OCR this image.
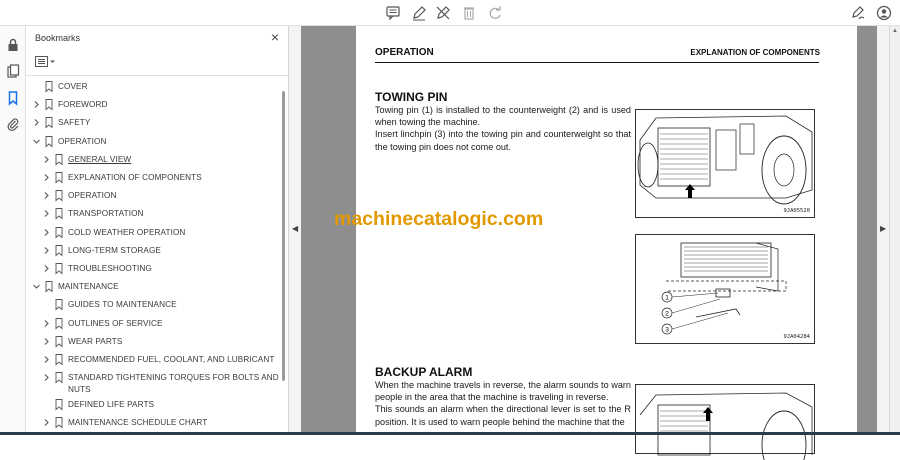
Bookmarks	×
COVER
FOREWORD
SAFETY
OPERATION
GENERAL VIEW
EXPLANATION OF COMPONENTS
OPERATION
TRANSPORTATION
COLD WEATHER OPERATION
LONG-TERM STORAGE
TROUBLESHOOTING
MAINTENANCE
GUIDES TO MAINTENANCE
OUTLINES OF SERVICE
WEAR PARTS
RECOMMENDED FUEL, COOLANT, AND LUBRICANT
STANDARD TIGHTENING TORQUES FOR BOLTS AND
NUTS
DEFINED LIFE PARTS
MAINTENANCE SCHEDULE CHART
◀
OPERATION	EXPLANATION OF COMPONENTS
TOWING PIN

Towing pin (1) is installed to the counterweight (2) and is used when towing the machine.

Insert linchpin (3) into the towing pin and counterweight so that the towing pin does not come out.

9JA05520
1
2
3
9JA04284
BACKUP ALARM

When the machine travels in reverse, the alarm sounds to warn people in the area that the machine is traveling in reverse.

This sounds an alarm when the directional lever is set to the R position. It is used to warn people behind the machine that the

machinecatalogic.com	▶
▲
